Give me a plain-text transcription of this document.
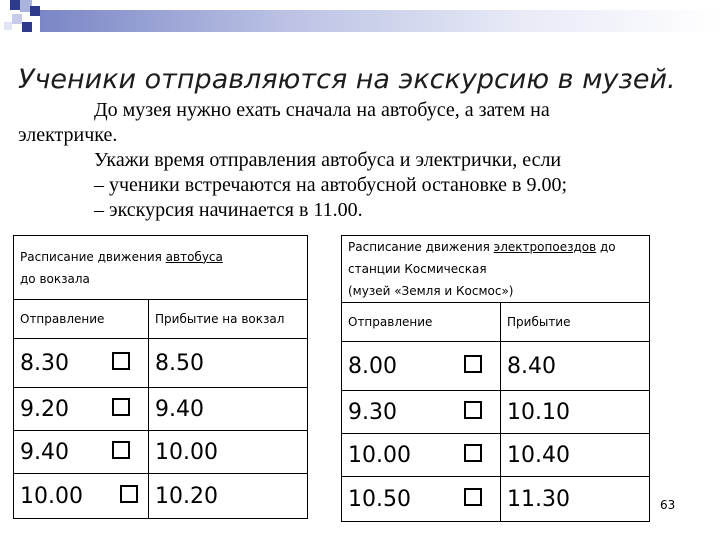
Ученики отправляются на экскурсию в музей.
До музея нужно ехать сначала на автобусе, а затем на
электричке.
Укажи время отправления автобуса и электрички, если
– ученики встречаются на автобусной остановке в 9.00;
– экскурсия начинается в 11.00.
Расписание движения автобуса
до вокзала	
Отправление	Прибытие на вокзал

8.30	8.50

9.20	9.40

9.40	10.00

10.00	10.20
Расписание движения электропоездов до
станции Космическая
(музей «Земля и Космос»)	
Отправление	Прибытие

8.00	8.40

9.30	10.10

10.00	10.40

10.50	11.30	63
